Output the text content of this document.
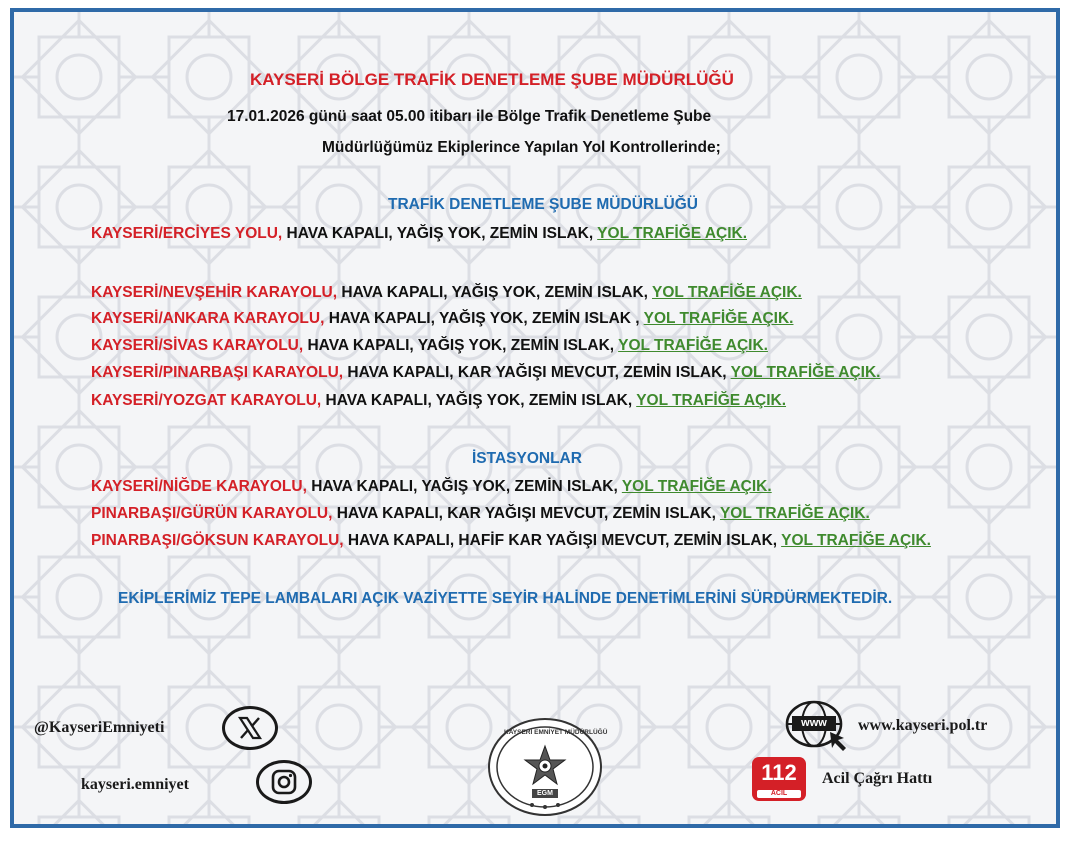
KAYSERİ BÖLGE TRAFİK DENETLEME ŞUBE MÜDÜRLÜĞÜ
17.01.2026 günü saat 05.00 itibarı ile Bölge Trafik Denetleme Şube
Müdürlüğümüz Ekiplerince Yapılan Yol Kontrollerinde;
TRAFİK DENETLEME ŞUBE MÜDÜRLÜĞÜ
KAYSERİ/ERCİYES YOLU, HAVA KAPALI, YAĞIŞ YOK, ZEMİN ISLAK, YOL TRAFİĞE AÇIK.
KAYSERİ/NEVŞEHİR KARAYOLU, HAVA KAPALI, YAĞIŞ YOK, ZEMİN ISLAK, YOL TRAFİĞE AÇIK.
KAYSERİ/ANKARA KARAYOLU, HAVA KAPALI, YAĞIŞ YOK, ZEMİN ISLAK , YOL TRAFİĞE AÇIK.
KAYSERİ/SİVAS KARAYOLU, HAVA KAPALI, YAĞIŞ YOK, ZEMİN ISLAK, YOL TRAFİĞE AÇIK.
KAYSERİ/PINARBAŞI KARAYOLU, HAVA KAPALI, KAR YAĞIŞI MEVCUT, ZEMİN ISLAK, YOL TRAFİĞE AÇIK.
KAYSERİ/YOZGAT KARAYOLU, HAVA KAPALI, YAĞIŞ YOK, ZEMİN ISLAK, YOL TRAFİĞE AÇIK.
İSTASYONLAR
KAYSERİ/NİĞDE KARAYOLU, HAVA KAPALI, YAĞIŞ YOK, ZEMİN ISLAK, YOL TRAFİĞE AÇIK.
PINARBAŞI/GÜRÜN KARAYOLU, HAVA KAPALI, KAR YAĞIŞI MEVCUT, ZEMİN ISLAK, YOL TRAFİĞE AÇIK.
PINARBAŞI/GÖKSUN KARAYOLU, HAVA KAPALI, HAFİF KAR YAĞIŞI MEVCUT, ZEMİN ISLAK, YOL TRAFİĞE AÇIK.
EKİPLERİMİZ TEPE LAMBALARI AÇIK VAZİYETTE SEYİR HALİNDE DENETİMLERİNİ SÜRDÜRMEKTEDİR.
@KayseriEmniyeti
kayseri.emniyet
EGM
KAYSERİ EMNİYET MÜDÜRLÜĞÜ
www	www.kayseri.pol.tr
112
ACİL
Acil Çağrı Hattı
